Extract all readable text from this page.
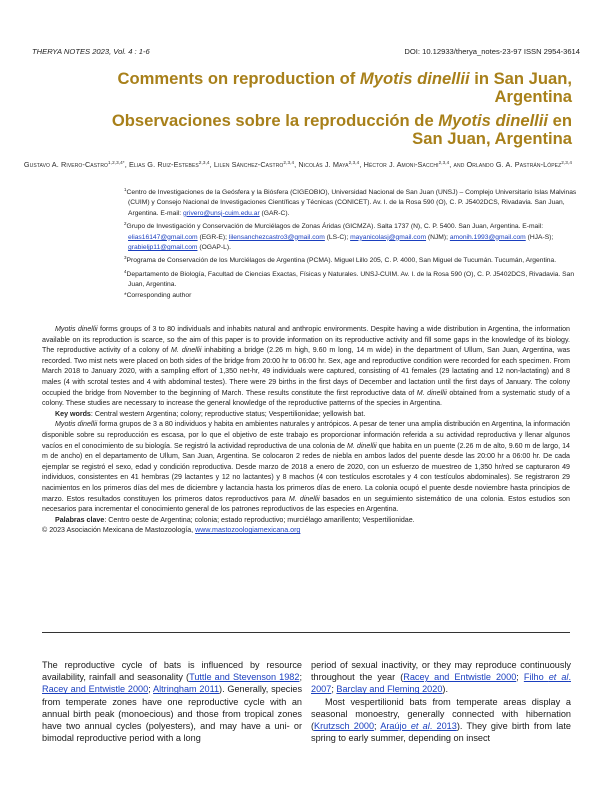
THERYA NOTES 2023, Vol. 4 : 1-6	DOI: 10.12933/therya_notes-23-97 ISSN 2954-3614
Comments on reproduction of Myotis dinellii in San Juan, Argentina
Observaciones sobre la reproducción de Myotis dinellii en San Juan, Argentina
Gustavo A. Rivero-Castro$^{1,2,3,4*}$, Elias G. Ruiz-Estebes$^{2,3,4}$, Lilen Sánchez-Castro$^{2,3,4}$, Nicolás J. Maya$^{2,3,4}$, Héctor J. Amoni-Sacchi$^{2,3,4}$, and Orlando G. A. Pastrán-López$^{2,3,4}$

$^1$Centro de Investigaciones de la Geósfera y la Biósfera (CIGEOBIO), Universidad Nacional de San Juan (UNSJ) – Complejo Universitario Islas Malvinas (CUIM) y Consejo Nacional de Investigaciones Científicas y Técnicas (CONICET). Av. I. de la Rosa 590 (O), C. P. J5402DCS, Rivadavia. San Juan, Argentina. E-mail: grivero@unsj-cuim.edu.ar (GAR-C).

$^2$Grupo de Investigación y Conservación de Murciélagos de Zonas Áridas (GICMZA). Salta 1737 (N), C. P. 5400. San Juan, Argentina. E-mail: elias16147@gmail.com (EGR-E); lilensanchezcastro3@gmail.com (LS-C); mayanicolasj@gmail.com (NJM); amonih.1993@gmail.com (HJA-S); grabieljp11@gmail.com (OGAP-L).

$^3$Programa de Conservación de los Murciélagos de Argentina (PCMA). Miguel Lillo 205, C. P. 4000, San Miguel de Tucumán. Tucumán, Argentina.

$^4$Departamento de Biología, Facultad de Ciencias Exactas, Físicas y Naturales. UNSJ-CUIM. Av. I. de la Rosa 590 (O), C. P. J5402DCS, Rivadavia. San Juan, Argentina.

*Corresponding author

Myotis dinellii forms groups of 3 to 80 individuals and inhabits natural and anthropic environments. Despite having a wide distribution in Argentina, the information available on its reproduction is scarce, so the aim of this paper is to provide information on its reproductive activity and fill some gaps in the knowledge of its biology. The reproductive activity of a colony of M. dinellii inhabiting a bridge (2.26 m high, 9.60 m long, 14 m wide) in the department of Ullum, San Juan, Argentina, was recorded. Two mist nets were placed on both sides of the bridge from 20:00 hr to 06:00 hr. Sex, age and reproductive condition were recorded for each specimen. From March 2018 to January 2020, with a sampling effort of 1,350 net-hr, 49 individuals were captured, consisting of 41 females (29 lactating and 12 non-lactating) and 8 males (4 with scrotal testes and 4 with abdominal testes). There were 29 births in the first days of December and lactation until the first days of January. The colony occupied the bridge from November to the beginning of March. These results constitute the first reproductive data of M. dinellii obtained from a systematic study of a colony. These studies are necessary to increase the general knowledge of the reproductive patterns of the species in Argentina.

Key words: Central western Argentina; colony; reproductive status; Vespertilionidae; yellowish bat.

Myotis dinellii forma grupos de 3 a 80 individuos y habita en ambientes naturales y antrópicos. A pesar de tener una amplia distribución en Argentina, la información disponible sobre su reproducción es escasa, por lo que el objetivo de este trabajo es proporcionar información referida a su actividad reproductiva y llenar algunos vacíos en el conocimiento de su biología. Se registró la actividad reproductiva de una colonia de M. dinellii que habita en un puente (2.26 m de alto, 9.60 m de largo, 14 m de ancho) en el departamento de Ullum, San Juan, Argentina. Se colocaron 2 redes de niebla en ambos lados del puente desde las 20:00 hr a 06:00 hr. De cada ejemplar se registró el sexo, edad y condición reproductiva. Desde marzo de 2018 a enero de 2020, con un esfuerzo de muestreo de 1,350 hr/red se capturaron 49 individuos, consistentes en 41 hembras (29 lactantes y 12 no lactantes) y 8 machos (4 con testículos escrotales y 4 con testículos abdominales). Se registraron 29 nacimientos en los primeros días del mes de diciembre y lactancia hasta los primeros días de enero. La colonia ocupó el puente desde noviembre hasta principios de marzo. Estos resultados constituyen los primeros datos reproductivos para M. dinellii basados en un seguimiento sistemático de una colonia. Estos estudios son necesarios para incrementar el conocimiento general de los patrones reproductivos de las especies en Argentina.

Palabras clave: Centro oeste de Argentina; colonia; estado reproductivo; murciélago amarillento; Vespertilionidae.

© 2023 Asociación Mexicana de Mastozoología, www.mastozoologiamexicana.org

The reproductive cycle of bats is influenced by resource availability, rainfall and seasonality (Tuttle and Stevenson 1982; Racey and Entwistle 2000; Altringham 2011). Generally, species from temperate zones have one reproductive cycle with an annual birth peak (monoecious) and those from tropical zones have two annual cycles (polyesters), and may have a uni- or bimodal reproductive period with a long

period of sexual inactivity, or they may reproduce continuously throughout the year (Racey and Entwistle 2000; Filho et al. 2007; Barclay and Fleming 2020).

Most vespertilionid bats from temperate areas display a seasonal monoestry, generally connected with hibernation (Krutzsch 2000; Araújo et al. 2013). They give birth from late spring to early summer, depending on insect
